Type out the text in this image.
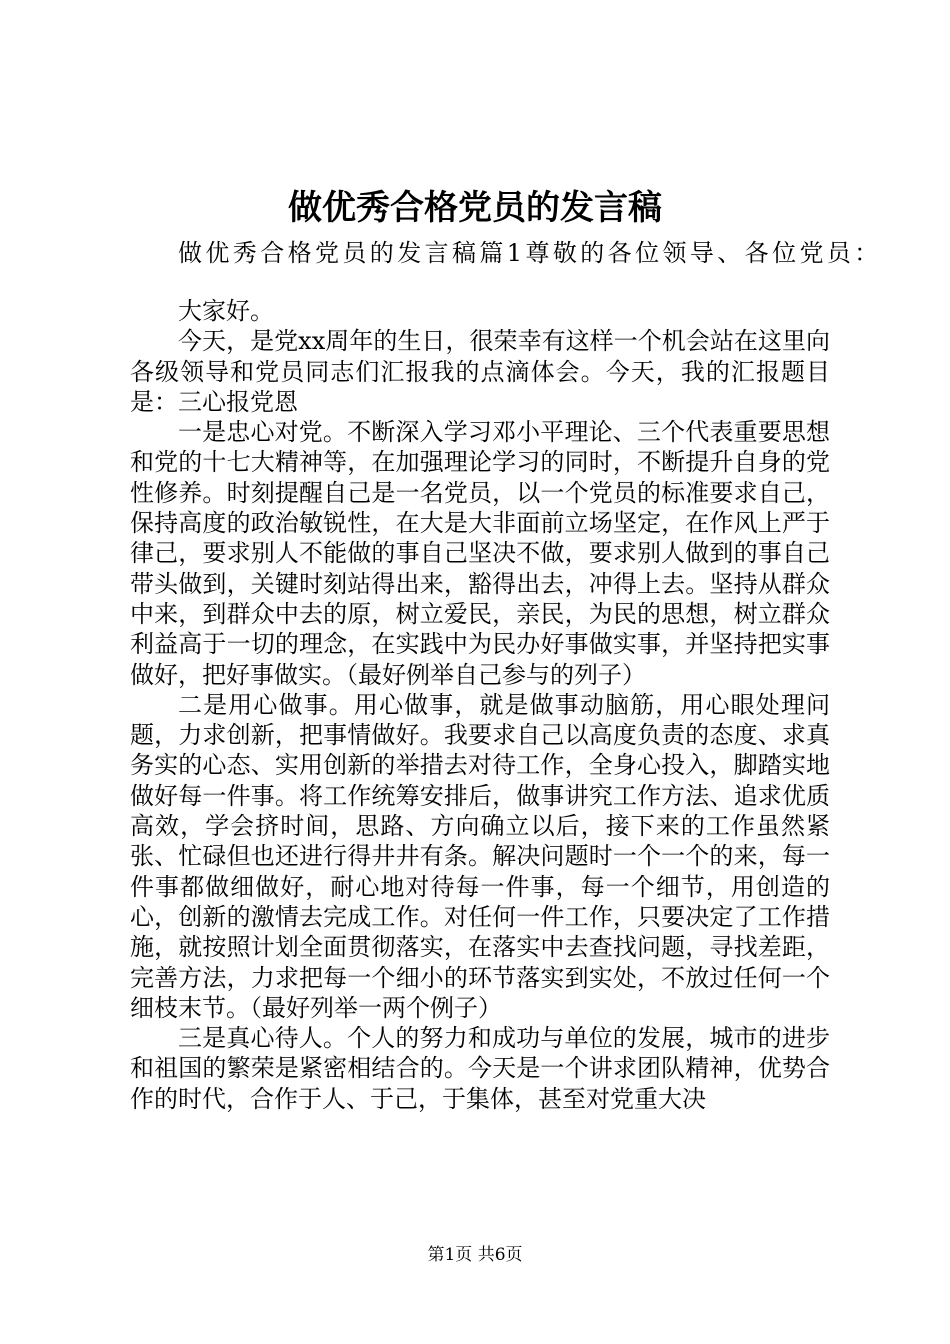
做优秀合格党员的发言稿
做优秀合格党员的发言稿篇1尊敬的各位领导、各位党员：

大家好。

今天，是党xx周年的生日，很荣幸有这样一个机会站在这里向各级领导和党员同志们汇报我的点滴体会。今天，我的汇报题目是：三心报党恩

一是忠心对党。不断深入学习邓小平理论、三个代表重要思想和党的十七大精神等，在加强理论学习的同时，不断提升自身的党性修养。时刻提醒自己是一名党员，以一个党员的标准要求自己，保持高度的政治敏锐性，在大是大非面前立场坚定，在作风上严于律己，要求别人不能做的事自己坚决不做，要求别人做到的事自己带头做到，关键时刻站得出来，豁得出去，冲得上去。坚持从群众中来，到群众中去的原，树立爱民，亲民，为民的思想，树立群众利益高于一切的理念，在实践中为民办好事做实事，并坚持把实事做好，把好事做实。（最好例举自己参与的列子）

二是用心做事。用心做事，就是做事动脑筋，用心眼处理问题，力求创新，把事情做好。我要求自己以高度负责的态度、求真务实的心态、实用创新的举措去对待工作，全身心投入，脚踏实地做好每一件事。将工作统筹安排后，做事讲究工作方法、追求优质高效，学会挤时间，思路、方向确立以后，接下来的工作虽然紧张、忙碌但也还进行得井井有条。解决问题时一个一个的来，每一件事都做细做好，耐心地对待每一件事，每一个细节，用创造的心，创新的激情去完成工作。对任何一件工作，只要决定了工作措施，就按照计划全面贯彻落实，在落实中去查找问题，寻找差距，完善方法，力求把每一个细小的环节落实到实处，不放过任何一个细枝末节。（最好列举一两个例子）

三是真心待人。个人的努力和成功与单位的发展，城市的进步和祖国的繁荣是紧密相结合的。今天是一个讲求团队精神，优势合作的时代，合作于人、于己，于集体，甚至对党重大决

第1页 共6页
